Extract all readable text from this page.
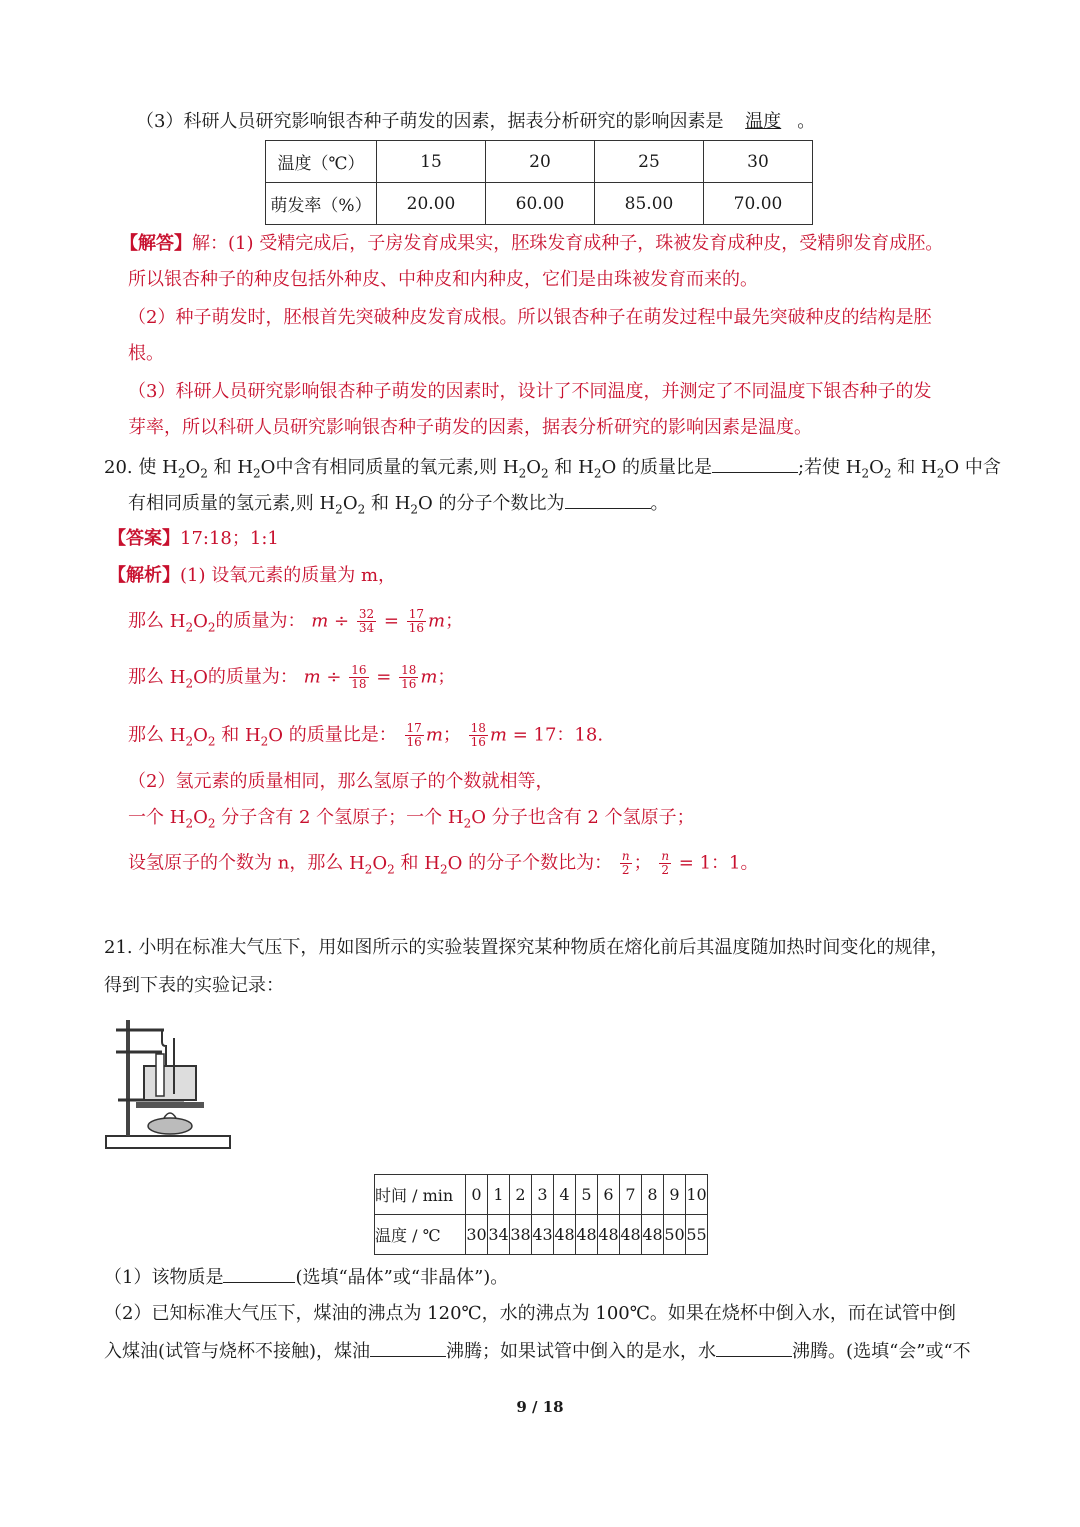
（3）科研人员研究影响银杏种子萌发的因素，据表分析研究的影响因素是 温度 。
温度（℃）	15	20	25	30
萌发率（%）	20.00	60.00	85.00	70.00
【解答】解：(1) 受精完成后，子房发育成果实，胚珠发育成种子，珠被发育成种皮，受精卵发育成胚。
所以银杏种子的种皮包括外种皮、中种皮和内种皮，它们是由珠被发育而来的。
（2）种子萌发时，胚根首先突破种皮发育成根。所以银杏种子在萌发过程中最先突破种皮的结构是胚
根。
（3）科研人员研究影响银杏种子萌发的因素时，设计了不同温度，并测定了不同温度下银杏种子的发
芽率，所以科研人员研究影响银杏种子萌发的因素，据表分析研究的影响因素是温度。
20. 使 $H_2O_2$ 和 $H_2O$中含有相同质量的氧元素,则 $H_2O_2$ 和 $H_2O$ 的质量比是	;若使 $H_2O_2$ 和 $H_2O$ 中含
有相同质量的氢元素,则 $H_2O_2$ 和 $H_2O$ 的分子个数比为	。
【答案】17:18；1:1
【解析】(1) 设氧元素的质量为 m，
那么 $H_2O_2$的质量为： $m \div \frac{32}{34} = \frac{17}{16}$ m；
那么 $H_2O$的质量为： $m \div \frac{16}{18} = \frac{18}{16}$ m；
那么 $H_2O_2$ 和 $H_2O$ 的质量比是： $\frac{17}{16}$ m； $\frac{18}{16}$ m = 17：18.
（2）氢元素的质量相同，那么氢原子的个数就相等，
一个 $H_2O_2$ 分子含有 2 个氢原子；一个 $H_2O$ 分子也含有 2 个氢原子；
设氢原子的个数为 n，那么 $H_2O_2$ 和 $H_2O$ 的分子个数比为： $\frac{n}{2}$ ； $\frac{n}{2} = 1$：1。
21. 小明在标准大气压下，用如图所示的实验装置探究某种物质在熔化前后其温度随加热时间变化的规律，
得到下表的实验记录：
时间 / min	0	1	2	3	4	5	6	7	8	9	10
温度 / ℃	30	34	38	43	48	48	48	48	48	50	55
（1）该物质是	(选填“晶体”或“非晶体”)。
（2）已知标准大气压下，煤油的沸点为 120℃，水的沸点为 100℃。如果在烧杯中倒入水，而在试管中倒
入煤油(试管与烧杯不接触)，煤油	沸腾；如果试管中倒入的是水，水	沸腾。(选填“会”或“不
9 / 18
